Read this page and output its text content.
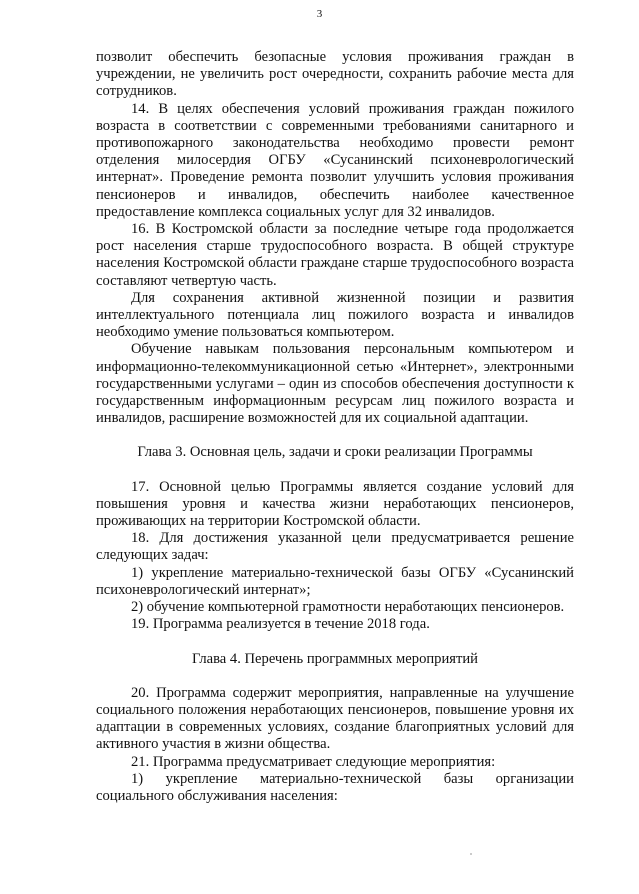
3

позволит обеспечить безопасные условия проживания граждан в учреждении, не увеличить рост очередности, сохранить рабочие места для сотрудников.

14. В целях обеспечения условий проживания граждан пожилого возраста в соответствии с современными требованиями санитарного и противопожарного законодательства необходимо провести ремонт отделения милосердия ОГБУ «Сусанинский психоневрологический интернат». Проведение ремонта позволит улучшить условия проживания пенсионеров и инвалидов, обеспечить наиболее качественное предоставление комплекса социальных услуг для 32 инвалидов.

16. В Костромской области за последние четыре года продолжается рост населения старше трудоспособного возраста. В общей структуре населения Костромской области граждане старше трудоспособного возраста составляют четвертую часть.

Для сохранения активной жизненной позиции и развития интеллектуального потенциала лиц пожилого возраста и инвалидов необходимо умение пользоваться компьютером.

Обучение навыкам пользования персональным компьютером и информационно-телекоммуникационной сетью «Интернет», электронными государственными услугами – один из способов обеспечения доступности к государственным информационным ресурсам лиц пожилого возраста и инвалидов, расширение возможностей для их социальной адаптации.

Глава 3. Основная цель, задачи и сроки реализации Программы

17. Основной целью Программы является создание условий для повышения уровня и качества жизни неработающих пенсионеров, проживающих на территории Костромской области.

18. Для достижения указанной цели предусматривается решение следующих задач:

1) укрепление материально-технической базы ОГБУ «Сусанинский психоневрологический интернат»;

2) обучение компьютерной грамотности неработающих пенсионеров.

19. Программа реализуется в течение 2018 года.

Глава 4. Перечень программных мероприятий

20. Программа содержит мероприятия, направленные на улучшение социального положения неработающих пенсионеров, повышение уровня их адаптации в современных условиях, создание благоприятных условий для активного участия в жизни общества.

21. Программа предусматривает следующие мероприятия:

1) укрепление материально-технической базы организации социального обслуживания населения:
